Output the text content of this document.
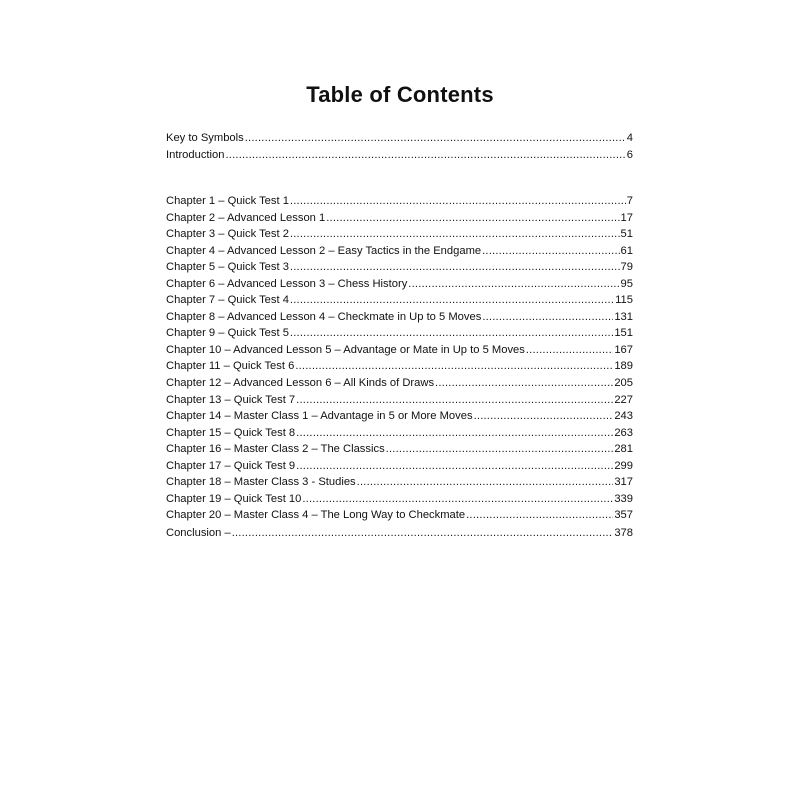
Table of Contents
Key to Symbols .....	4
Introduction .....	6
Chapter 1 – Quick Test 1 .....	7
Chapter 2 – Advanced Lesson 1 .....	17
Chapter 3 – Quick Test 2 .....	51
Chapter 4 – Advanced Lesson 2 – Easy Tactics in the Endgame .....	61
Chapter 5 – Quick Test 3 .....	79
Chapter 6 – Advanced Lesson 3 – Chess History .....	95
Chapter 7 – Quick Test 4 .....	115
Chapter 8 – Advanced Lesson 4 – Checkmate in Up to 5 Moves .....	131
Chapter 9 – Quick Test 5 .....	151
Chapter 10 – Advanced Lesson 5 – Advantage or Mate in Up to 5 Moves .....	167
Chapter 11 – Quick Test 6 .....	189
Chapter 12 – Advanced Lesson 6 – All Kinds of Draws .....	205
Chapter 13 – Quick Test 7 .....	227
Chapter 14 – Master Class 1 – Advantage in 5 or More Moves .....	243
Chapter 15 – Quick Test 8 .....	263
Chapter 16 – Master Class 2 – The Classics .....	281
Chapter 17 – Quick Test 9 .....	299
Chapter 18 – Master Class 3 - Studies .....	317
Chapter 19 – Quick Test 10 .....	339
Chapter 20 – Master Class 4 – The Long Way to Checkmate .....	357
Conclusion – .....	378
